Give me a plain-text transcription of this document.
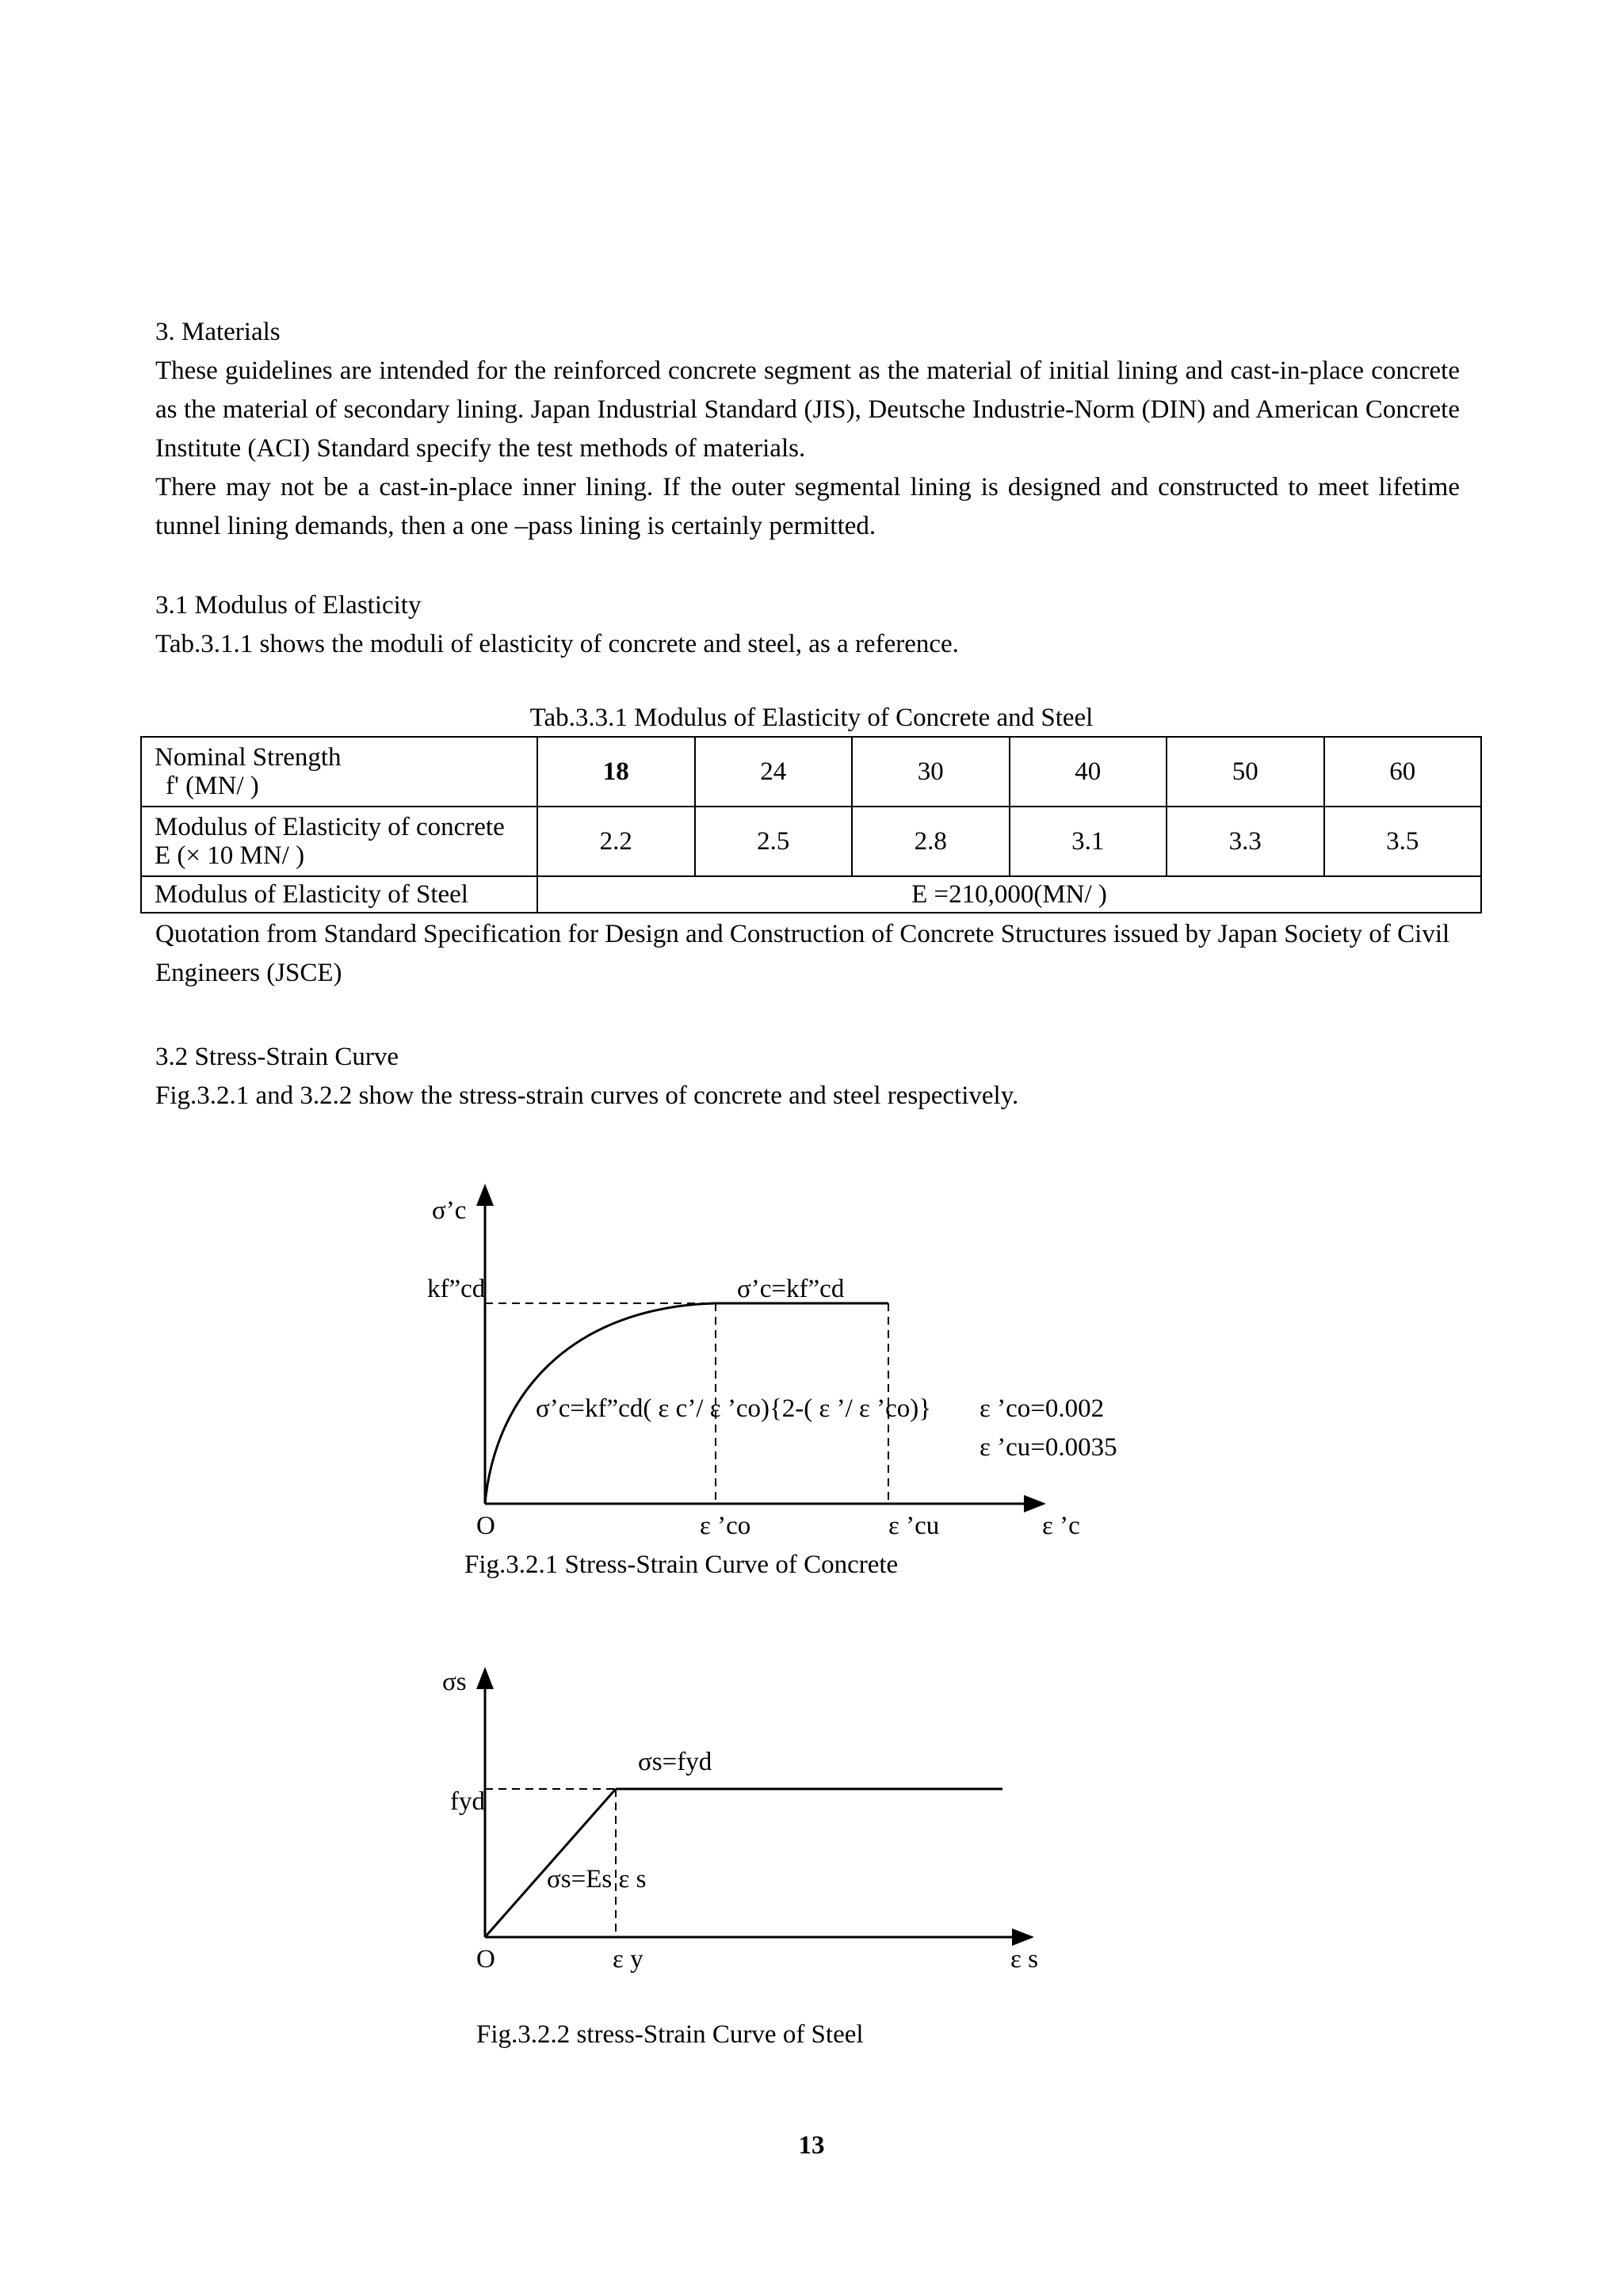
3. Materials

These guidelines are intended for the reinforced concrete segment as the material of initial lining and cast-in-place concrete as the material of secondary lining. Japan Industrial Standard (JIS), Deutsche Industrie-Norm (DIN) and American Concrete Institute (ACI) Standard specify the test methods of materials.

There may not be a cast-in-place inner lining. If the outer segmental lining is designed and constructed to meet lifetime tunnel lining demands, then a one –pass lining is certainly permitted.

3.1 Modulus of Elasticity

Tab.3.1.1 shows the moduli of elasticity of concrete and steel, as a reference.

Tab.3.3.1 Modulus of Elasticity of Concrete and Steel
Nominal Strength
f' (MN/ )	18	24	30	40	50	60

Modulus of Elasticity of concrete
E (× 10 MN/ )	2.2	2.5	2.8	3.1	3.3	3.5
Modulus of Elasticity of Steel	E =210,000(MN/ )					

Quotation from Standard Specification for Design and Construction of Concrete Structures issued by Japan Society of Civil Engineers (JSCE)

3.2 Stress-Strain Curve

Fig.3.2.1 and 3.2.2 show the stress-strain curves of concrete and steel respectively.

σ’c
kf”cd	σ’c=kf”cd
σ’c=kf”cd( ε c’/ ε ’co){2-( ε ’/ ε ’co)} ε ’co=0.002
ε ’cu=0.0035
O	ε ’co	ε ’cu	ε ’c
σs
fyd
σs=fyd
σs=Es ε s
O	ε y	ε s
Fig.3.2.1 Stress-Strain Curve of Concrete
Fig.3.2.2 stress-Strain Curve of Steel
13
